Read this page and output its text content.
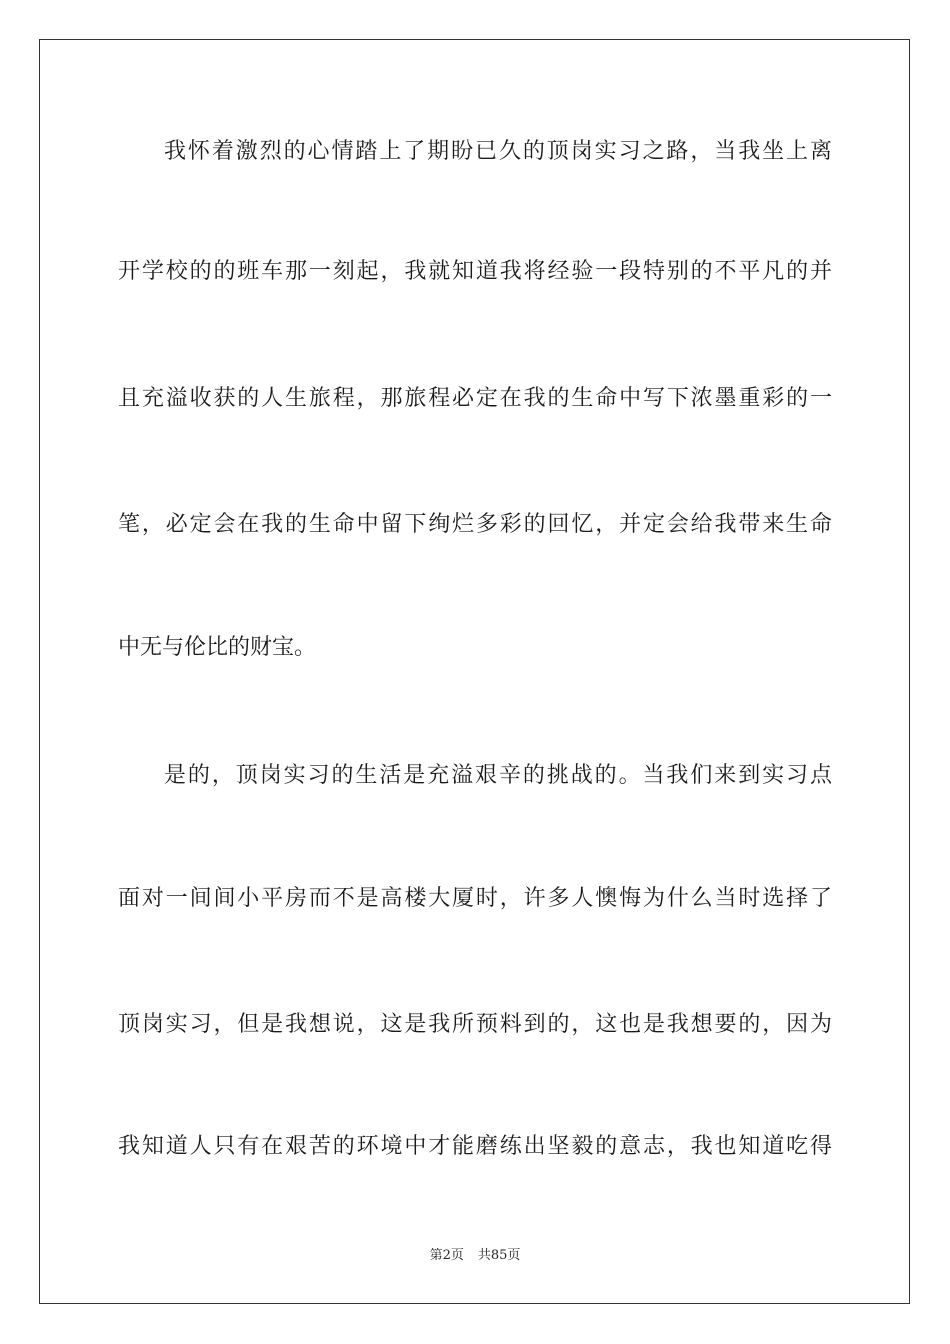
我怀着激烈的心情踏上了期盼已久的顶岗实习之路，当我坐上离
开学校的的班车那一刻起，我就知道我将经验一段特别的不平凡的并
且充溢收获的人生旅程，那旅程必定在我的生命中写下浓墨重彩的一
笔，必定会在我的生命中留下绚烂多彩的回忆，并定会给我带来生命
中无与伦比的财宝。
是的，顶岗实习的生活是充溢艰辛的挑战的。当我们来到实习点
面对一间间小平房而不是高楼大厦时，许多人懊悔为什么当时选择了
顶岗实习，但是我想说，这是我所预料到的，这也是我想要的，因为
我知道人只有在艰苦的环境中才能磨练出坚毅的意志，我也知道吃得
第2页 共85页
